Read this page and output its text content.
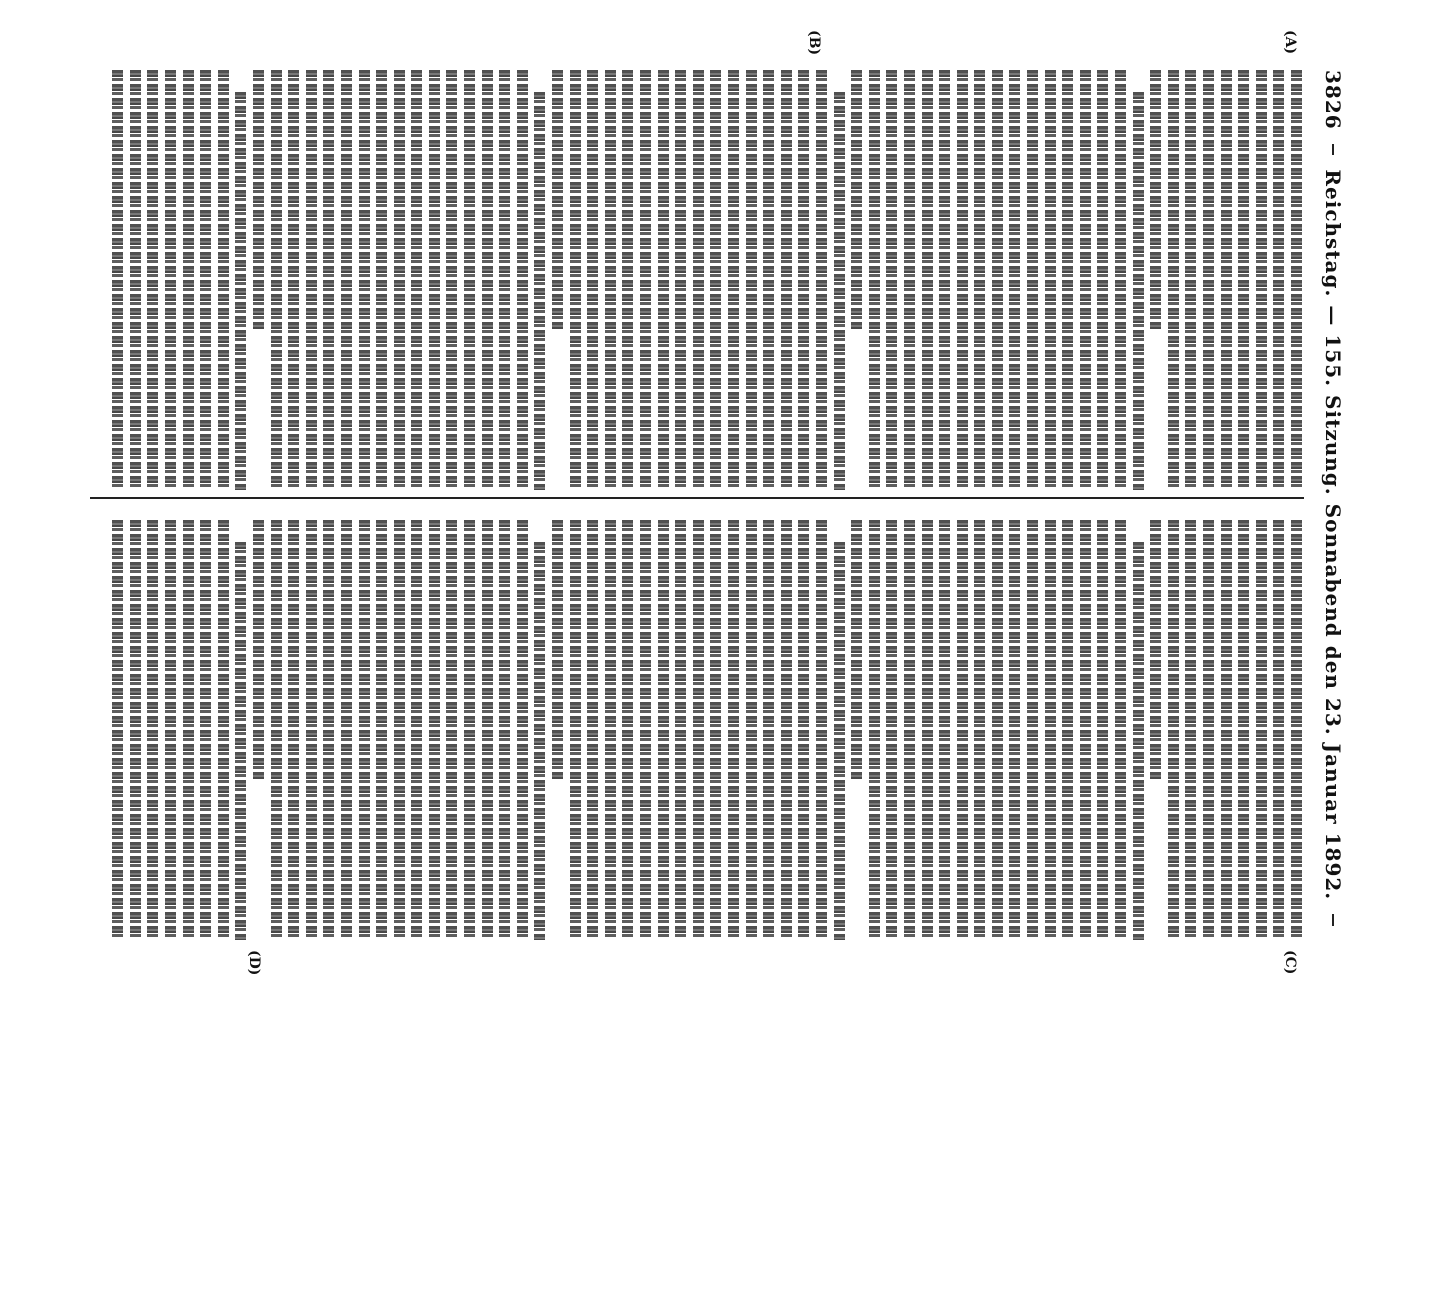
3826
Reichstag. — 155. Sitzung. Sonnabend den 23. Januar 1892.
(A)
(B)
(C)
(D)
